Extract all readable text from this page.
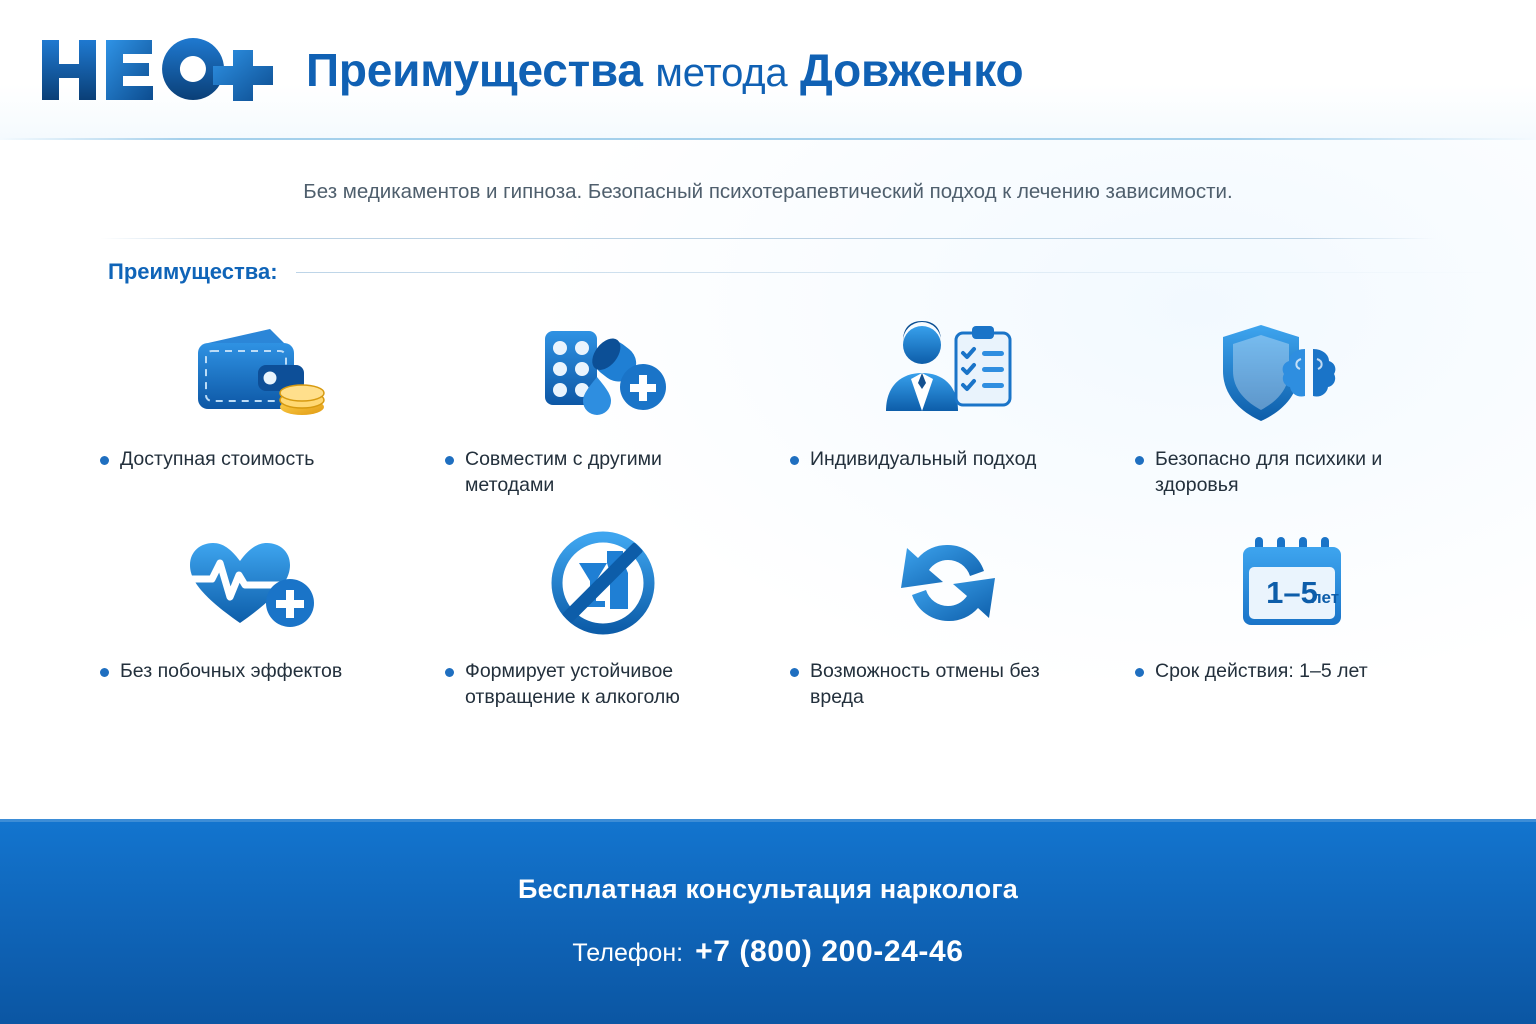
Преимущества метода Довженко
Без медикаментов и гипноза. Безопасный психотерапевтический подход к лечению зависимости.
Преимущества:
Доступная стоимость	Совместим с другими методами
Индивидуальный подход	Безопасно для психики и здоровья
Без побочных эффектов	Формирует устойчивое отвращение к алкоголю
Возможность отмены без вреда
1–5
лет
Срок действия: 1–5 лет
Бесплатная консультация нарколога
Телефон: +7 (800) 200-24-46
